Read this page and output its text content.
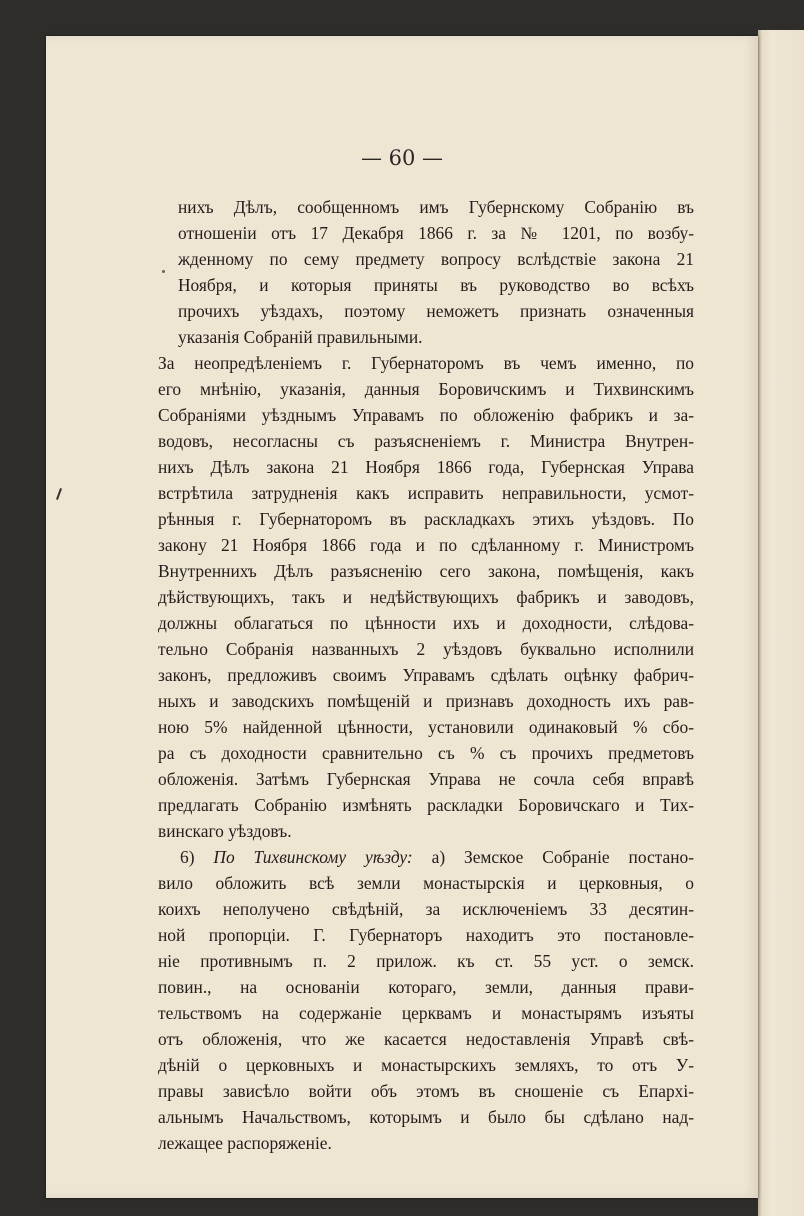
— 60 —
нихъ Дѣлъ, сообщенномъ имъ Губернскому Собранію въ
отношеніи отъ 17 Декабря 1866 г. за № 1201, по возбу-
жденному по сему предмету вопросу вслѣдствіе закона 21
Ноября, и которыя приняты въ руководство во всѣхъ
прочихъ уѣздахъ, поэтому неможетъ признать означенныя
указанія Собраній правильными.
За неопредѣленіемъ г. Губернаторомъ въ чемъ именно, по
его мнѣнію, указанія, данныя Боровичскимъ и Тихвинскимъ
Собраніями уѣзднымъ Управамъ по обложенію фабрикъ и за-
водовъ, несогласны съ разъясненіемъ г. Министра Внутрен-
нихъ Дѣлъ закона 21 Ноября 1866 года, Губернская Управа
встрѣтила затрудненія какъ исправить неправильности, усмот-
рѣнныя г. Губернаторомъ въ раскладкахъ этихъ уѣздовъ. По
закону 21 Ноября 1866 года и по сдѣланному г. Министромъ
Внутреннихъ Дѣлъ разъясненію сего закона, помѣщенія, какъ
дѣйствующихъ, такъ и недѣйствующихъ фабрикъ и заводовъ,
должны облагаться по цѣнности ихъ и доходности, слѣдова-
тельно Собранія названныхъ 2 уѣздовъ буквально исполнили
законъ, предложивъ своимъ Управамъ сдѣлать оцѣнку фабрич-
ныхъ и заводскихъ помѣщеній и признавъ доходность ихъ рав-
ною 5% найденной цѣнности, установили одинаковый % сбо-
ра съ доходности сравнительно съ % съ прочихъ предметовъ
обложенія. Затѣмъ Губернская Управа не сочла себя вправѣ
предлагать Собранію измѣнять раскладки Боровичскаго и Тих-
винскаго уѣздовъ.
6) По Тихвинскому уѣзду: а) Земское Собраніе постано-
вило обложить всѣ земли монастырскія и церковныя, о
коихъ неполучено свѣдѣній, за исключеніемъ 33 десятин-
ной пропорціи. Г. Губернаторъ находитъ это постановле-
ніе противнымъ п. 2 прилож. къ ст. 55 уст. о земск.
повин., на основаніи котораго, земли, данныя прави-
тельствомъ на содержаніе церквамъ и монастырямъ изъяты
отъ обложенія, что же касается недоставленія Управѣ свѣ-
дѣній о церковныхъ и монастырскихъ земляхъ, то отъ У-
правы зависѣло войти объ этомъ въ сношеніе съ Епархі-
альнымъ Начальствомъ, которымъ и было бы сдѣлано над-
лежащее распоряженіе.
